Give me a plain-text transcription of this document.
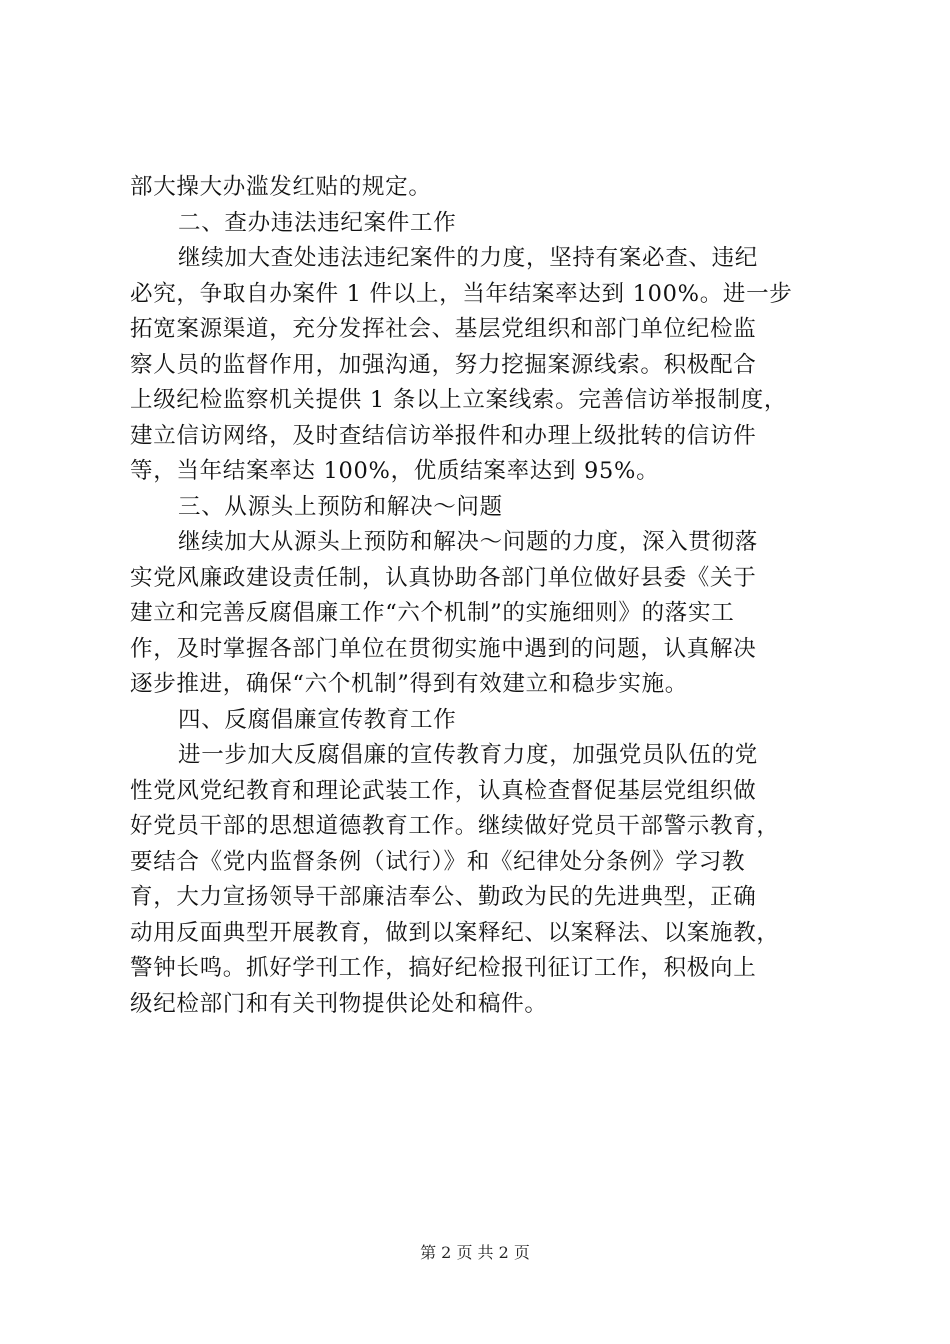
部大操大办滥发红贴的规定。
二、查办违法违纪案件工作
继续加大查处违法违纪案件的力度，坚持有案必查、违纪
必究，争取自办案件 1 件以上，当年结案率达到 100%。进一步
拓宽案源渠道，充分发挥社会、基层党组织和部门单位纪检监
察人员的监督作用，加强沟通，努力挖掘案源线索。积极配合
上级纪检监察机关提供 1 条以上立案线索。完善信访举报制度，
建立信访网络，及时查结信访举报件和办理上级批转的信访件
等，当年结案率达 100%，优质结案率达到 95%。
三、从源头上预防和解决～问题
继续加大从源头上预防和解决～问题的力度，深入贯彻落
实党风廉政建设责任制，认真协助各部门单位做好县委《关于
建立和完善反腐倡廉工作“六个机制”的实施细则》的落实工
作，及时掌握各部门单位在贯彻实施中遇到的问题，认真解决
逐步推进，确保“六个机制”得到有效建立和稳步实施。
四、反腐倡廉宣传教育工作
进一步加大反腐倡廉的宣传教育力度，加强党员队伍的党
性党风党纪教育和理论武装工作，认真检查督促基层党组织做
好党员干部的思想道德教育工作。继续做好党员干部警示教育，
要结合《党内监督条例（试行）》和《纪律处分条例》学习教
育，大力宣扬领导干部廉洁奉公、勤政为民的先进典型，正确
动用反面典型开展教育，做到以案释纪、以案释法、以案施教，
警钟长鸣。抓好学刊工作，搞好纪检报刊征订工作，积极向上
级纪检部门和有关刊物提供论处和稿件。
第 2 页 共 2 页
